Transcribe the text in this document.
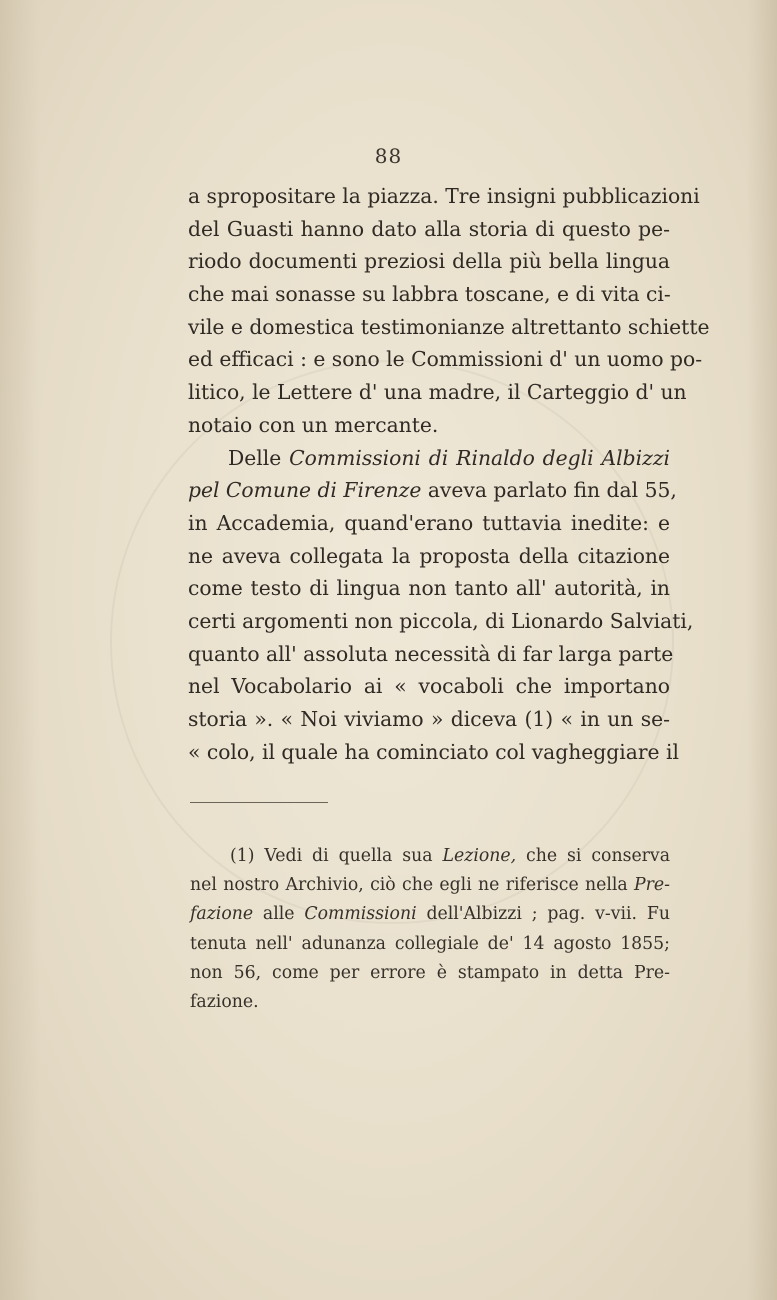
88
a spropositare la piazza. Tre insigni pubblicazioni
del Guasti hanno dato alla storia di questo pe-
riodo documenti preziosi della più bella lingua
che mai sonasse su labbra toscane, e di vita ci-
vile e domestica testimonianze altrettanto schiette
ed efficaci : e sono le Commissioni d' un uomo po-
litico, le Lettere d' una madre, il Carteggio d' un
notaio con un mercante.
Delle Commissioni di Rinaldo degli Albizzi
pel Comune di Firenze aveva parlato fin dal 55,
in Accademia, quand'erano tuttavia inedite: e
ne aveva collegata la proposta della citazione
come testo di lingua non tanto all' autorità, in
certi argomenti non piccola, di Lionardo Salviati,
quanto all' assoluta necessità di far larga parte
nel Vocabolario ai « vocaboli che importano
storia ». « Noi viviamo » diceva (1) « in un se-
« colo, il quale ha cominciato col vagheggiare il
(1) Vedi di quella sua Lezione, che si conserva
nel nostro Archivio, ciò che egli ne riferisce nella Pre-
fazione alle Commissioni dell'Albizzi ; pag. v-vii. Fu
tenuta nell' adunanza collegiale de' 14 agosto 1855;
non 56, come per errore è stampato in detta Pre-
fazione.
